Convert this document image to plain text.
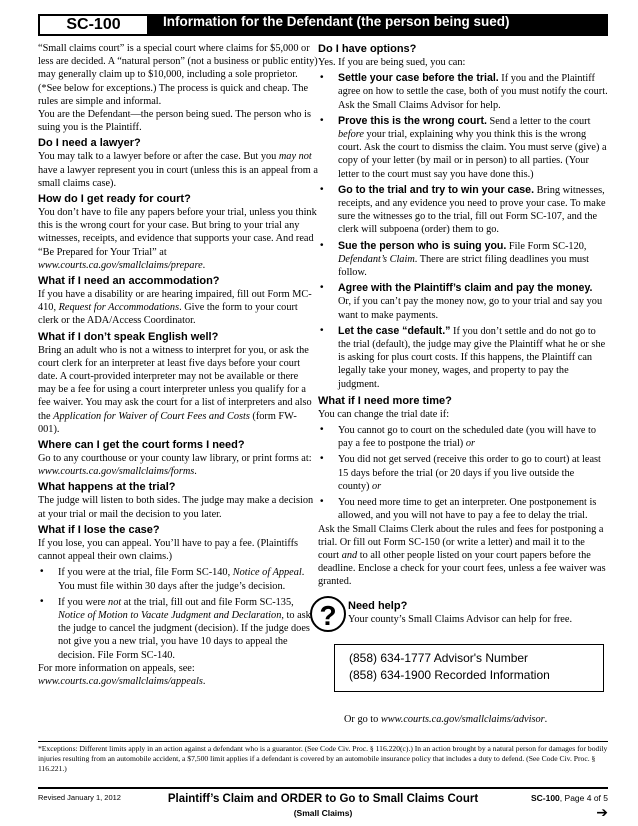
SC-100	Information for the Defendant (the person being sued)
“Small claims court” is a special court where claims for $5,000 or less are decided. A “natural person” (not a business or public entity) may generally claim up to $10,000, including a sole proprietor. (*See below for exceptions.) The process is quick and cheap. The rules are simple and informal.
You are the Defendant—the person being sued. The person who is suing you is the Plaintiff.
Do I need a lawyer?
You may talk to a lawyer before or after the case. But you may not have a lawyer represent you in court (unless this is an appeal from a small claims case).
How do I get ready for court?
You don’t have to file any papers before your trial, unless you think this is the wrong court for your case. But bring to your trial any witnesses, receipts, and evidence that supports your case. And read “Be Prepared for Your Trial” at www.courts.ca.gov/smallclaims/prepare.
What if I need an accommodation?
If you have a disability or are hearing impaired, fill out Form MC-410, Request for Accommodations. Give the form to your court clerk or the ADA/Access Coordinator.
What if I don’t speak English well?
Bring an adult who is not a witness to interpret for you, or ask the court clerk for an interpreter at least five days before your court date. A court-provided interpreter may not be available or there may be a fee for using a court interpreter unless you qualify for a fee waiver. You may ask the court for a list of interpreters and also the Application for Waiver of Court Fees and Costs (form FW-001).
Where can I get the court forms I need?
Go to any courthouse or your county law library, or print forms at: www.courts.ca.gov/smallclaims/forms.
What happens at the trial?
The judge will listen to both sides. The judge may make a decision at your trial or mail the decision to you later.
What if I lose the case?
If you lose, you can appeal. You’ll have to pay a fee. (Plaintiffs cannot appeal their own claims.)
• If you were at the trial, file Form SC-140, Notice of Appeal. You must file within 30 days after the judge’s decision.
• If you were not at the trial, fill out and file Form SC-135, Notice of Motion to Vacate Judgment and Declaration, to ask the judge to cancel the judgment (decision). If the judge does not give you a new trial, you have 10 days to appeal the decision. File Form SC-140.
For more information on appeals, see:
www.courts.ca.gov/smallclaims/appeals.
Do I have options?
Yes. If you are being sued, you can:
• Settle your case before the trial. If you and the Plaintiff agree on how to settle the case, both of you must notify the court. Ask the Small Claims Advisor for help.
• Prove this is the wrong court. Send a letter to the court before your trial, explaining why you think this is the wrong court. Ask the court to dismiss the claim. You must serve (give) a copy of your letter (by mail or in person) to all parties. (Your letter to the court must say you have done this.)
• Go to the trial and try to win your case. Bring witnesses, receipts, and any evidence you need to prove your case. To make sure the witnesses go to the trial, fill out Form SC-107, and the clerk will subpoena (order) them to go.
• Sue the person who is suing you. File Form SC-120, Defendant’s Claim. There are strict filing deadlines you must follow.
• Agree with the Plaintiff’s claim and pay the money. Or, if you can’t pay the money now, go to your trial and say you want to make payments.
• Let the case “default.” If you don’t settle and do not go to the trial (default), the judge may give the Plaintiff what he or she is asking for plus court costs. If this happens, the Plaintiff can legally take your money, wages, and property to pay the judgment.
What if I need more time?
You can change the trial date if:
• You cannot go to court on the scheduled date (you will have to pay a fee to postpone the trial) or
• You did not get served (receive this order to go to court) at least 15 days before the trial (or 20 days if you live outside the county) or
• You need more time to get an interpreter. One postponement is allowed, and you will not have to pay a fee to delay the trial.
Ask the Small Claims Clerk about the rules and fees for postponing a trial. Or fill out Form SC-150 (or write a letter) and mail it to the court and to all other people listed on your court papers before the deadline. Enclose a check for your court fees, unless a fee waiver was granted.
?	Need help?
Your county’s Small Claims Advisor can help for free.
(858) 634-1777 Advisor's Number
(858) 634-1900 Recorded Information
Or go to www.courts.ca.gov/smallclaims/advisor.
*Exceptions: Different limits apply in an action against a defendant who is a guarantor. (See Code Civ. Proc. § 116.220(c).) In an action brought by a natural person for damages for bodily injuries resulting from an automobile accident, a $7,500 limit applies if a defendant is covered by an automobile insurance policy that includes a duty to defend. (See Code Civ. Proc. § 116.221.)
Revised January 1, 2012	Plaintiff’s Claim and ORDER to Go to Small Claims Court
(Small Claims)
SC-100, Page 4 of 5
➔
